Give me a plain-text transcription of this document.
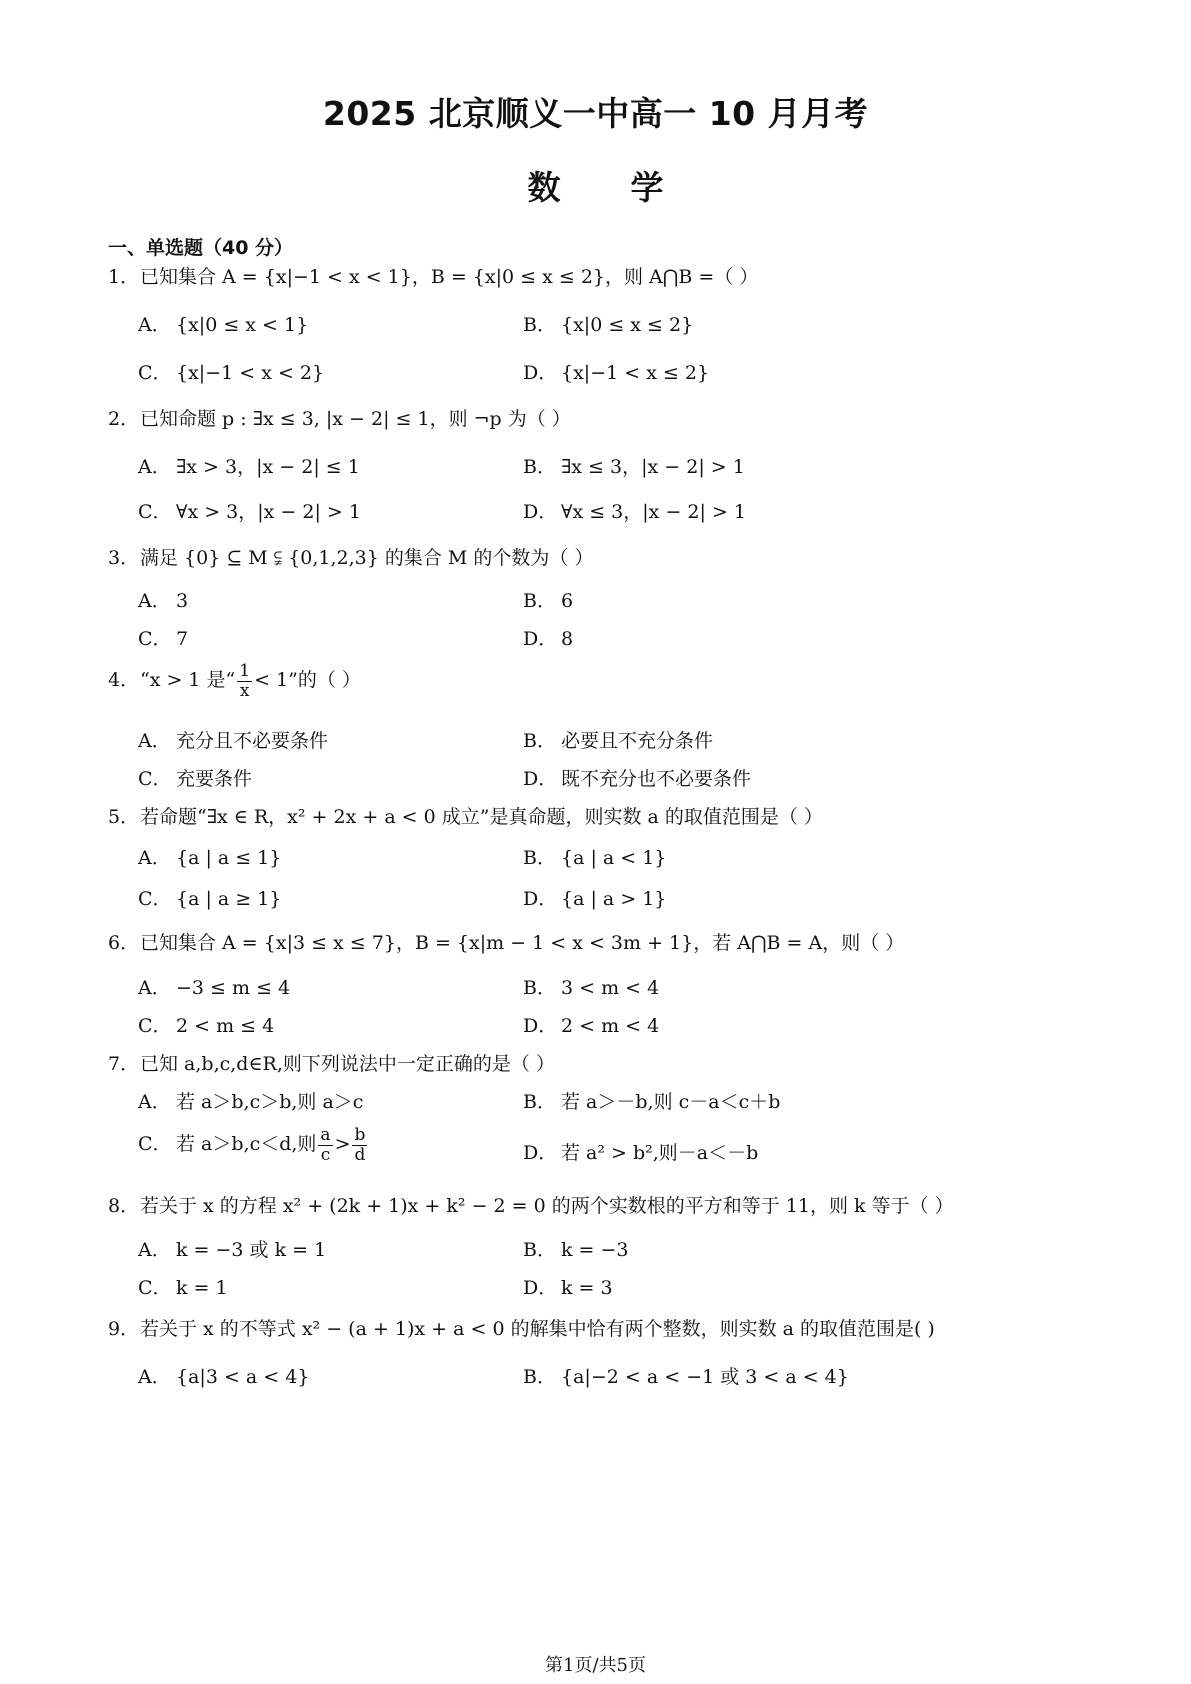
2025 北京顺义一中高一 10 月月考
数学
一、单选题（40 分）
1．已知集合 A = {x|−1 < x < 1}，B = {x|0 ≤ x ≤ 2}，则 A⋂B =（ ）
A． {x|0 ≤ x < 1}	B． {x|0 ≤ x ≤ 2}
C． {x|−1 < x < 2}	D． {x|−1 < x ≤ 2}
2．已知命题 p : ∃x ≤ 3, |x − 2| ≤ 1，则 ¬p 为（ ）
A． ∃x > 3，|x − 2| ≤ 1	B． ∃x ≤ 3，|x − 2| > 1
C． ∀x > 3，|x − 2| > 1	D． ∀x ≤ 3，|x − 2| > 1
3．满足 {0} ⊆ M ⫋ {0,1,2,3} 的集合 M 的个数为（ ）
A． 3	B． 6
C． 7	D． 8
4．“x > 1 是“ $\frac{1}{x} < 1$”的（ ）
A． 充分且不必要条件	B． 必要且不充分条件
C． 充要条件	D． 既不充分也不必要条件
5．若命题“∃x ∈ R，x² + 2x + a < 0 成立”是真命题，则实数 a 的取值范围是（ ）
A． {a | a ≤ 1}	B． {a | a < 1}
C． {a | a ≥ 1}	D． {a | a > 1}
6．已知集合 A = {x|3 ≤ x ≤ 7}，B = {x|m − 1 < x < 3m + 1}，若 A⋂B = A，则（ ）
A． −3 ≤ m ≤ 4	B． 3 < m < 4
C． 2 < m ≤ 4	D． 2 < m < 4
7．已知 a,b,c,d∈R,则下列说法中一定正确的是（ ）
A． 若 a＞b,c＞b,则 a＞c	B． 若 a＞－b,则 c－a＜c＋b
C． 若 a＞b,c＜d,则 $\frac{a}{c} > \frac{b}{d}$	D． 若 a² > b²,则－a＜－b
8．若关于 x 的方程 x² + (2k + 1)x + k² − 2 = 0 的两个实数根的平方和等于 11，则 k 等于（ ）
A． k = −3 或 k = 1	B． k = −3
C． k = 1	D． k = 3
9．若关于 x 的不等式 x² − (a + 1)x + a < 0 的解集中恰有两个整数，则实数 a 的取值范围是( )
A． {a|3 < a < 4}	B． {a|−2 < a < −1 或 3 < a < 4}
第1页/共5页
